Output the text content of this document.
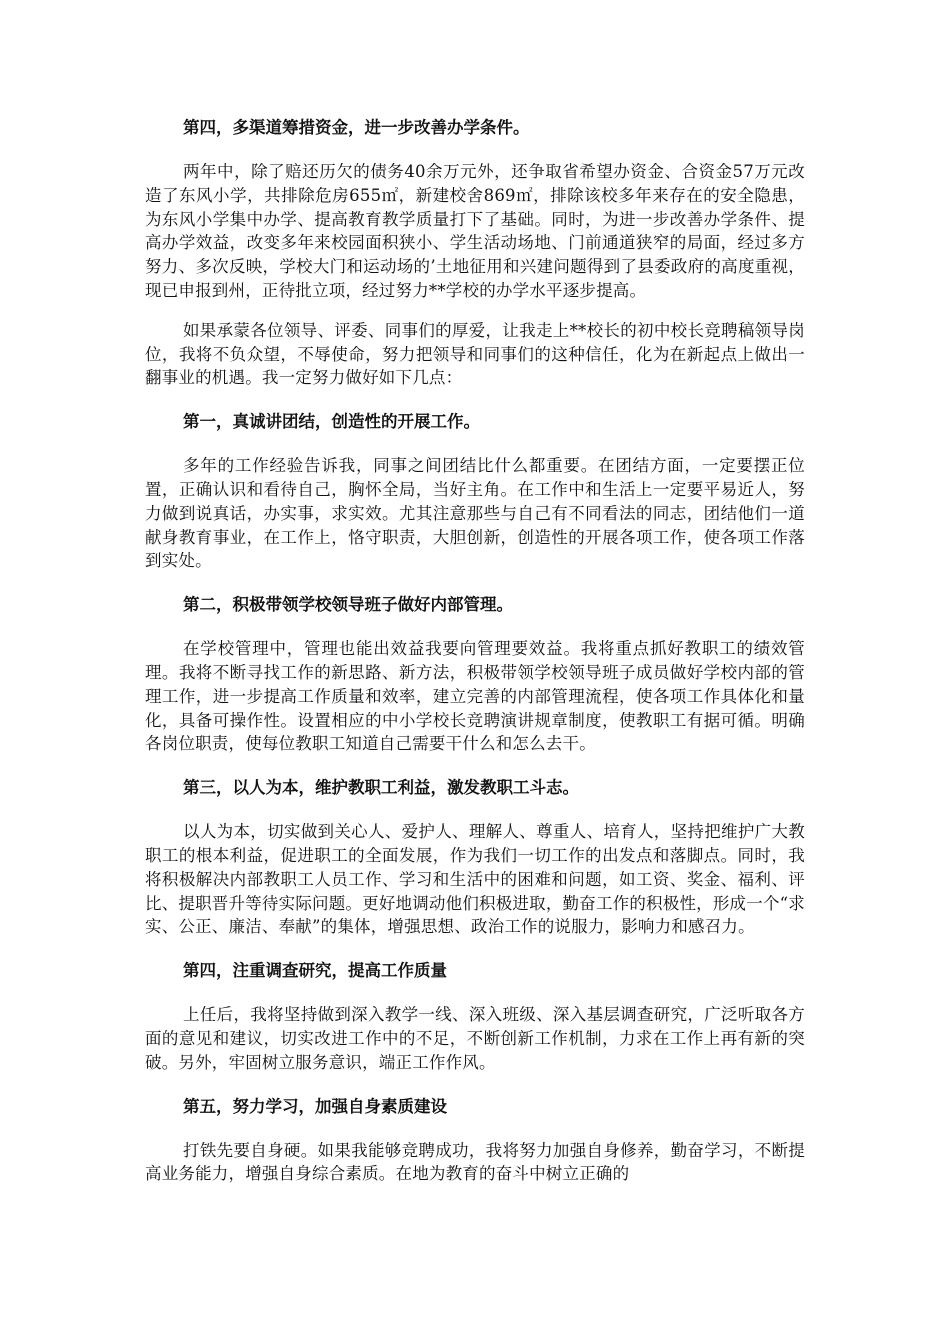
第四，多渠道筹措资金，进一步改善办学条件。

两年中，除了赔还历欠的债务40余万元外，还争取省希望办资金、合资金57万元改造了东风小学，共排除危房655㎡，新建校舍869㎡，排除该校多年来存在的安全隐患，为东风小学集中办学、提高教育教学质量打下了基础。同时，为进一步改善办学条件、提高办学效益，改变多年来校园面积狭小、学生活动场地、门前通道狭窄的局面，经过多方努力、多次反映，学校大门和运动场的’土地征用和兴建问题得到了县委政府的高度重视，现已申报到州，正待批立项，经过努力**学校的办学水平逐步提高。

如果承蒙各位领导、评委、同事们的厚爱，让我走上**校长的初中校长竞聘稿领导岗位，我将不负众望，不辱使命，努力把领导和同事们的这种信任，化为在新起点上做出一翻事业的机遇。我一定努力做好如下几点：

第一，真诚讲团结，创造性的开展工作。

多年的工作经验告诉我，同事之间团结比什么都重要。在团结方面，一定要摆正位置，正确认识和看待自己，胸怀全局，当好主角。在工作中和生活上一定要平易近人，努力做到说真话，办实事，求实效。尤其注意那些与自己有不同看法的同志，团结他们一道献身教育事业，在工作上，恪守职责，大胆创新，创造性的开展各项工作，使各项工作落到实处。

第二，积极带领学校领导班子做好内部管理。

在学校管理中，管理也能出效益我要向管理要效益。我将重点抓好教职工的绩效管理。我将不断寻找工作的新思路、新方法，积极带领学校领导班子成员做好学校内部的管理工作，进一步提高工作质量和效率，建立完善的内部管理流程，使各项工作具体化和量化，具备可操作性。设置相应的中小学校长竞聘演讲规章制度，使教职工有据可循。明确各岗位职责，使每位教职工知道自己需要干什么和怎么去干。

第三，以人为本，维护教职工利益，激发教职工斗志。

以人为本，切实做到关心人、爱护人、理解人、尊重人、培育人，坚持把维护广大教职工的根本利益，促进职工的全面发展，作为我们一切工作的出发点和落脚点。同时，我将积极解决内部教职工人员工作、学习和生活中的困难和问题，如工资、奖金、福利、评比、提职晋升等待实际问题。更好地调动他们积极进取，勤奋工作的积极性，形成一个“求实、公正、廉洁、奉献”的集体，增强思想、政治工作的说服力，影响力和感召力。

第四，注重调查研究，提高工作质量

上任后，我将坚持做到深入教学一线、深入班级、深入基层调查研究，广泛听取各方面的意见和建议，切实改进工作中的不足，不断创新工作机制，力求在工作上再有新的突破。另外，牢固树立服务意识，端正工作作风。

第五，努力学习，加强自身素质建设

打铁先要自身硬。如果我能够竞聘成功，我将努力加强自身修养，勤奋学习，不断提高业务能力，增强自身综合素质。在地为教育的奋斗中树立正确的
